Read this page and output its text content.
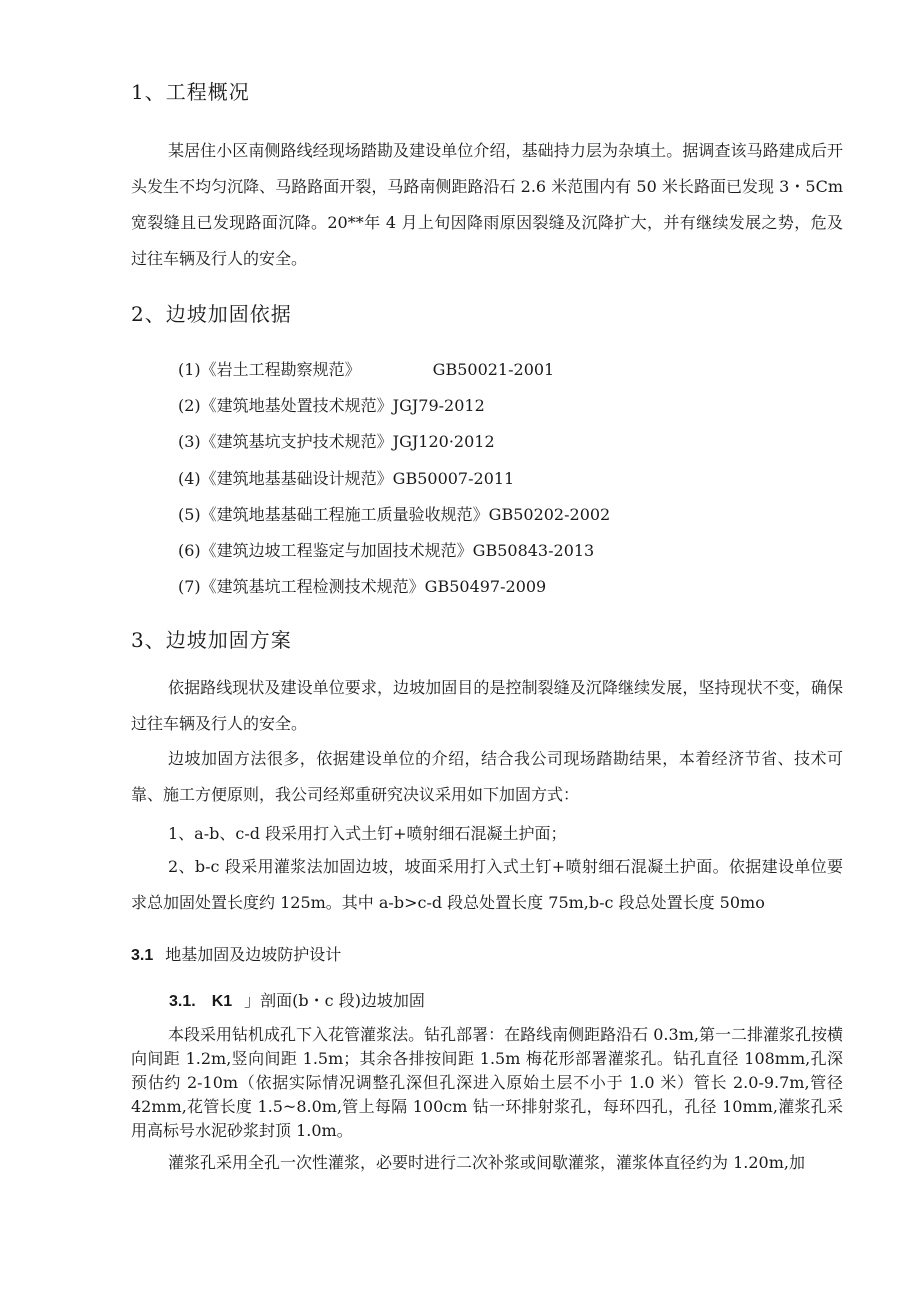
1、工程概况

某居住小区南侧路线经现场踏勘及建设单位介绍，基础持力层为杂填土。据调查该马路建成后开头发生不均匀沉降、马路路面开裂，马路南侧距路沿石 2.6 米范围内有 50 米长路面已发现 3・5Cm 宽裂缝且已发现路面沉降。20**年 4 月上旬因降雨原因裂缝及沉降扩大，并有继续发展之势，危及过往车辆及行人的安全。

2、边坡加固依据
(1)《岩土工程勘察规范》	GB50021-2001
(2)《建筑地基处置技术规范》JGJ79-2012
(3)《建筑基坑支护技术规范》JGJ120·2012
(4)《建筑地基基础设计规范》GB50007-2011
(5)《建筑地基基础工程施工质量验收规范》GB50202-2002
(6)《建筑边坡工程鉴定与加固技术规范》GB50843-2013
(7)《建筑基坑工程检测技术规范》GB50497-2009
3、边坡加固方案

依据路线现状及建设单位要求，边坡加固目的是控制裂缝及沉降继续发展，坚持现状不变，确保过往车辆及行人的安全。

边坡加固方法很多，依据建设单位的介绍，结合我公司现场踏勘结果，本着经济节省、技术可靠、施工方便原则，我公司经郑重研究决议采用如下加固方式：

1、a-b、c-d 段采用打入式土钉+喷射细石混凝土护面；

2、b-c 段采用灌浆法加固边坡，坡面采用打入式土钉+喷射细石混凝土护面。依据建设单位要求总加固处置长度约 125m。其中 a-b>c-d 段总处置长度 75m,b-c 段总处置长度 50mo

3.1 地基加固及边坡防护设计
3.1.　K1 」剖面(b・c 段)边坡加固

本段采用钻机成孔下入花管灌浆法。钻孔部署：在路线南侧距路沿石 0.3m,第一二排灌浆孔按横向间距 1.2m,竖向间距 1.5m；其余各排按间距 1.5m 梅花形部署灌浆孔。钻孔直径 108mm,孔深预估约 2-10m（依据实际情况调整孔深但孔深进入原始土层不小于 1.0 米）管长 2.0-9.7m,管径 42mm,花管长度 1.5~8.0m,管上每隔 100cm 钻一环排射浆孔，每环四孔，孔径 10mm,灌浆孔采用高标号水泥砂浆封顶 1.0m。

灌浆孔采用全孔一次性灌浆，必要时进行二次补浆或间歇灌浆，灌浆体直径约为 1.20m,加
